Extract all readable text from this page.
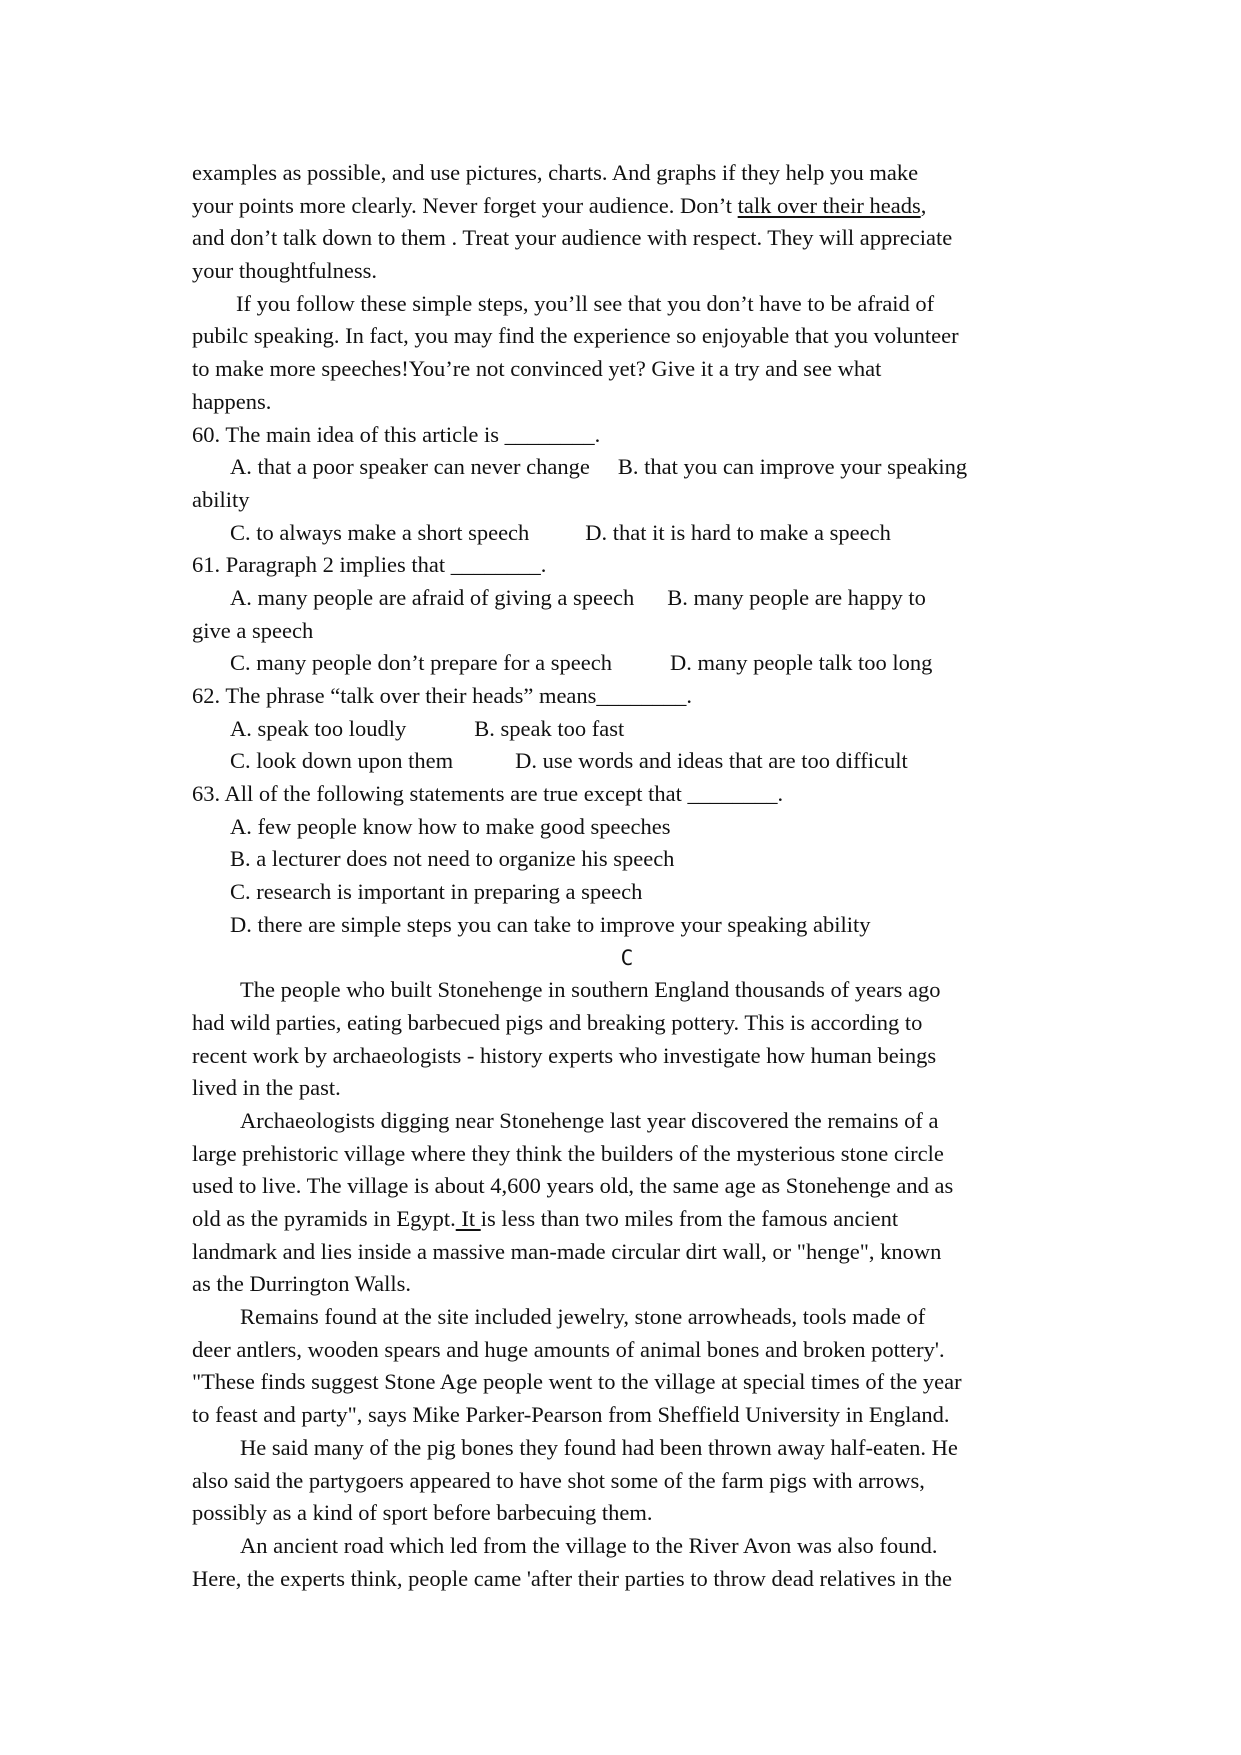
examples as possible, and use pictures, charts. And graphs if they help you make
your points more clearly. Never forget your audience. Don’t talk over their heads,
and don’t talk down to them . Treat your audience with respect. They will appreciate
your thoughtfulness.
If you follow these simple steps, you’ll see that you don’t have to be afraid of
pubilc speaking. In fact, you may find the experience so enjoyable that you volunteer
to make more speeches!You’re not convinced yet? Give it a try and see what
happens.
60. The main idea of this article is ________.
A. that a poor speaker can never change B. that you can improve your speaking
ability
C. to always make a short speech D. that it is hard to make a speech
61. Paragraph 2 implies that ________.
A. many people are afraid of giving a speech B. many people are happy to
give a speech
C. many people don’t prepare for a speech	D. many people talk too long
62. The phrase “talk over their heads” means________.
A. speak too loudly	B. speak too fast
C. look down upon them	D. use words and ideas that are too difficult
63. All of the following statements are true except that ________.
A. few people know how to make good speeches
B. a lecturer does not need to organize his speech
C. research is important in preparing a speech
D. there are simple steps you can take to improve your speaking ability
C
The people who built Stonehenge in southern England thousands of years ago
had wild parties, eating barbecued pigs and breaking pottery. This is according to
recent work by archaeologists - history experts who investigate how human beings
lived in the past.
Archaeologists digging near Stonehenge last year discovered the remains of a
large prehistoric village where they think the builders of the mysterious stone circle
used to live. The village is about 4,600 years old, the same age as Stonehenge and as
old as the pyramids in Egypt. It is less than two miles from the famous ancient
landmark and lies inside a massive man-made circular dirt wall, or "henge", known
as the Durrington Walls.
Remains found at the site included jewelry, stone arrowheads, tools made of
deer antlers, wooden spears and huge amounts of animal bones and broken pottery'.
"These finds suggest Stone Age people went to the village at special times of the year
to feast and party", says Mike Parker-Pearson from Sheffield University in England.
He said many of the pig bones they found had been thrown away half-eaten. He
also said the partygoers appeared to have shot some of the farm pigs with arrows,
possibly as a kind of sport before barbecuing them.
An ancient road which led from the village to the River Avon was also found.
Here, the experts think, people came 'after their parties to throw dead relatives in the
